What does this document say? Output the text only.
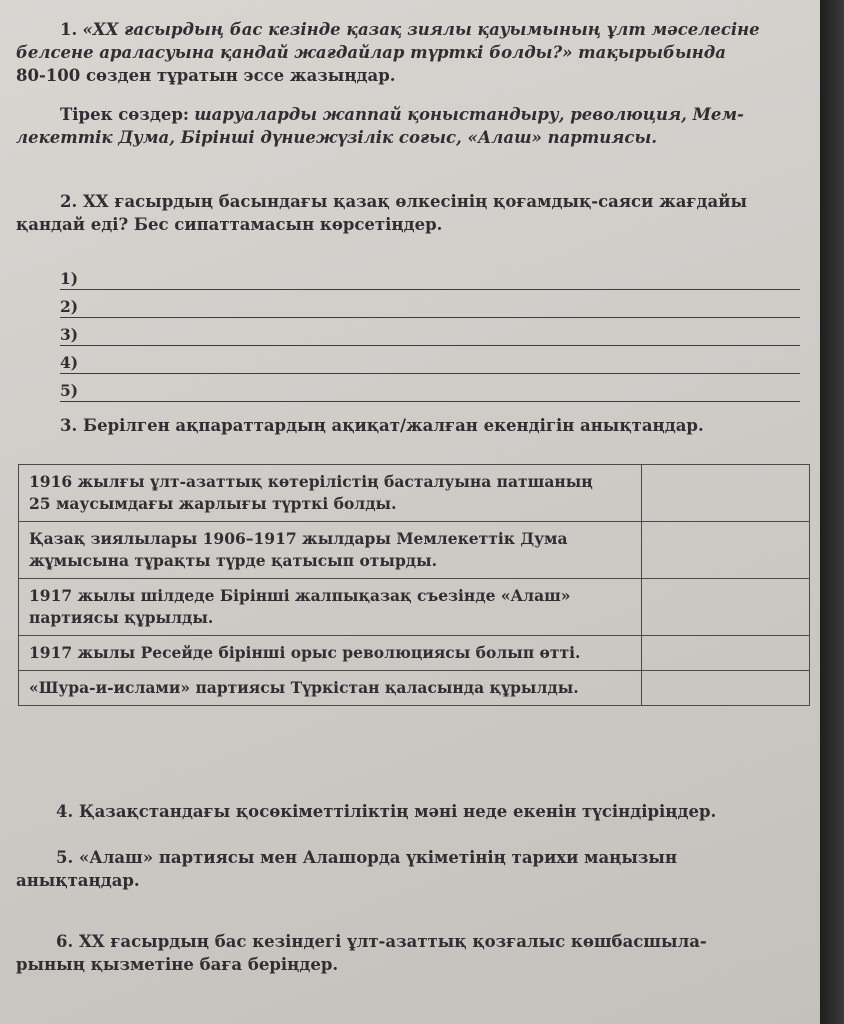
1. «XX ғасырдың бас кезінде қазақ зиялы қауымының ұлт мәселесіне
белсене араласуына қандай жағдайлар түрткі болды?» тақырыбында
80-100 сөзден тұратын эссе жазыңдар.
Тірек сөздер: шаруаларды жаппай қоныстандыру, революция, Мем-
лекеттік Дума, Бірінші дүниежүзілік соғыс, «Алаш» партиясы.
2. XX ғасырдың басындағы қазақ өлкесінің қоғамдық-саяси жағдайы
қандай еді? Бес сипаттамасын көрсетіңдер.
1)
2)
3)
4)
5)
3. Берілген ақпараттардың ақиқат/жалған екендігін анықтаңдар.
1916 жылғы ұлт-азаттық көтерілістің басталуына патшаның
25 маусымдағы жарлығы түрткі болды.	

Қазақ зиялылары 1906–1917 жылдары Мемлекеттік Дума
жұмысына тұрақты түрде қатысып отырды.	

1917 жылы шілдеде Бірінші жалпықазақ съезінде «Алаш»
партиясы құрылды.	

1917 жылы Ресейде бірінші орыс революциясы болып өтті.	

«Шура-и-ислами» партиясы Түркістан қаласында құрылды.	

4. Қазақстандағы қосөкіметтіліктің мәні неде екенін түсіндіріңдер.
5. «Алаш» партиясы мен Алашорда үкіметінің тарихи маңызын
анықтаңдар.
6. XX ғасырдың бас кезіндегі ұлт-азаттық қозғалыс көшбасшыла-
рының қызметіне баға беріңдер.
